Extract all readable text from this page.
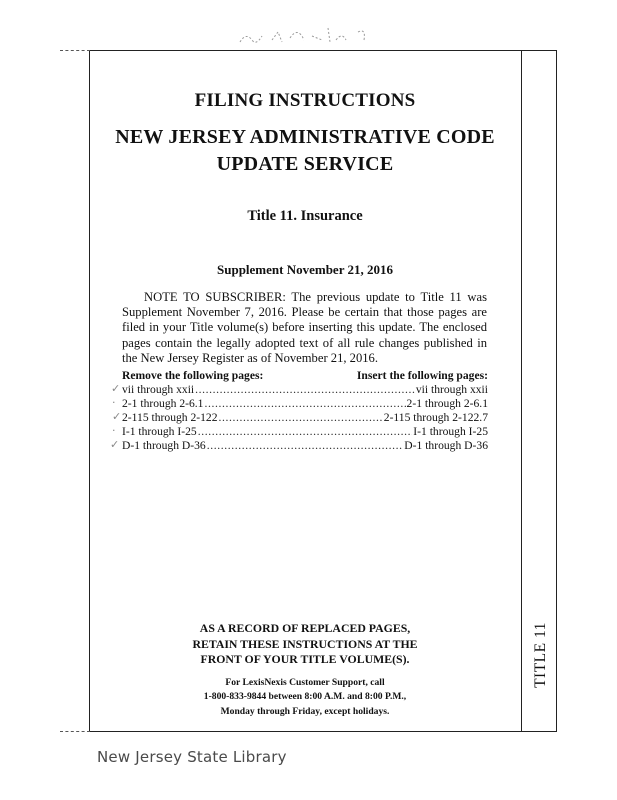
FILING INSTRUCTIONS
NEW JERSEY ADMINISTRATIVE CODE
UPDATE SERVICE
Title 11. Insurance
Supplement November 21, 2016
NOTE TO SUBSCRIBER: The previous update to Title 11 was Supplement November 7, 2016. Please be certain that those pages are filed in your Title volume(s) before inserting this update. The enclosed pages contain the legally adopted text of all rule changes published in the New Jersey Register as of November 21, 2016.
Remove the following pages:	Insert the following pages:
vii through xxii .....	vii through xxii
2-1 through 2-6.1 .....	2-1 through 2-6.1
2-115 through 2-122 .....	2-115 through 2-122.7
I-1 through I-25 .....	I-1 through I-25
D-1 through D-36 .....	D-1 through D-36
✓
·
✓
·
✓
AS A RECORD OF REPLACED PAGES,
RETAIN THESE INSTRUCTIONS AT THE
FRONT OF YOUR TITLE VOLUME(S).
For LexisNexis Customer Support, call
1-800-833-9844 between 8:00 A.M. and 8:00 P.M.,
Monday through Friday, except holidays.
TITLE 11
New Jersey State Library
